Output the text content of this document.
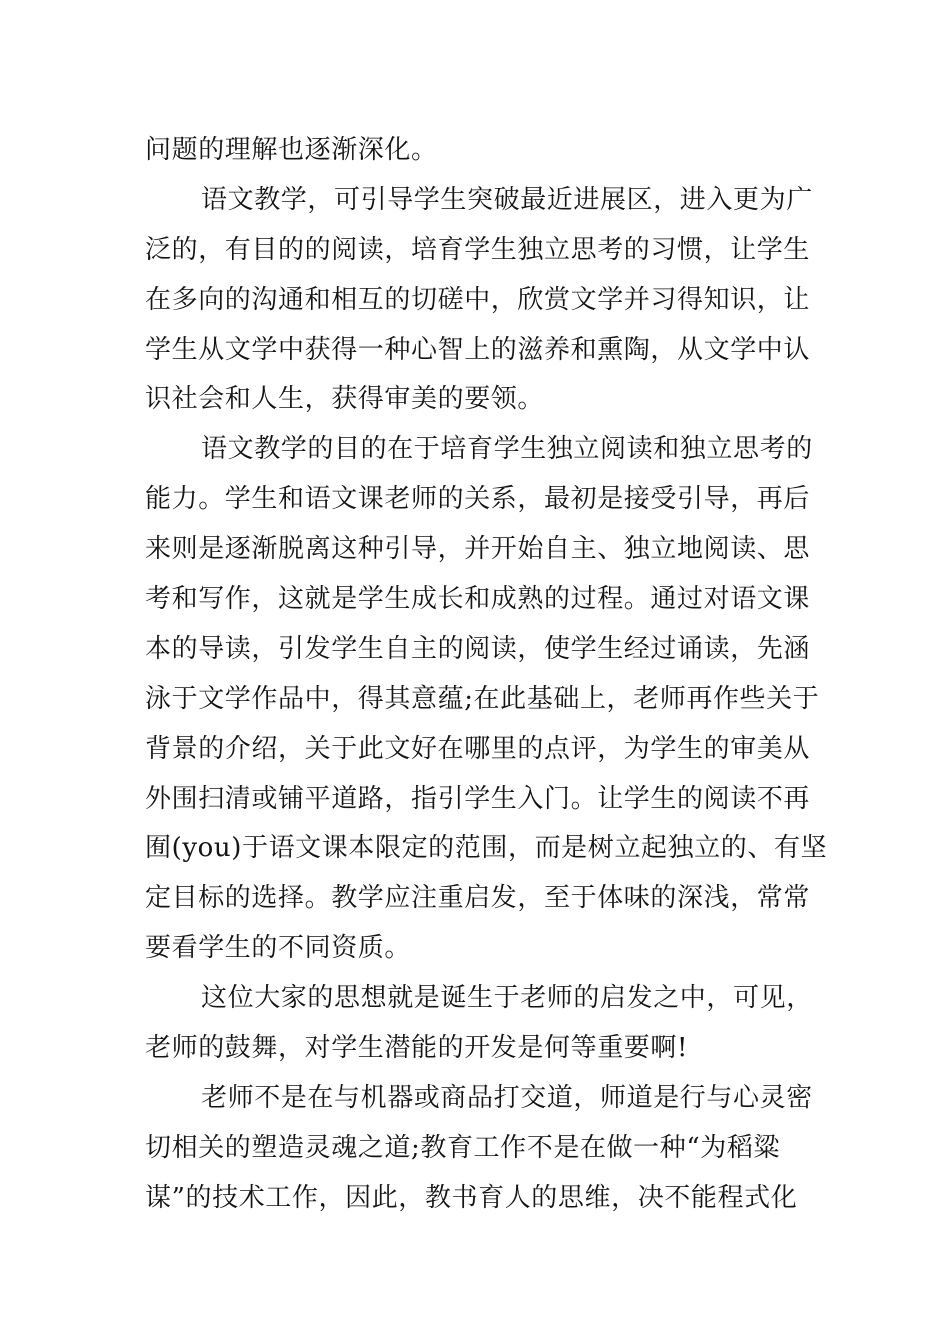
问题的理解也逐渐深化。
语文教学，可引导学生突破最近进展区，进入更为广
泛的，有目的的阅读，培育学生独立思考的习惯，让学生
在多向的沟通和相互的切磋中，欣赏文学并习得知识，让
学生从文学中获得一种心智上的滋养和熏陶，从文学中认
识社会和人生，获得审美的要领。
语文教学的目的在于培育学生独立阅读和独立思考的
能力。学生和语文课老师的关系，最初是接受引导，再后
来则是逐渐脱离这种引导，并开始自主、独立地阅读、思
考和写作，这就是学生成长和成熟的过程。通过对语文课
本的导读，引发学生自主的阅读，使学生经过诵读，先涵
泳于文学作品中，得其意蕴;在此基础上，老师再作些关于
背景的介绍，关于此文好在哪里的点评，为学生的审美从
外围扫清或铺平道路，指引学生入门。让学生的阅读不再
囿(you)于语文课本限定的范围，而是树立起独立的、有坚
定目标的选择。教学应注重启发，至于体味的深浅，常常
要看学生的不同资质。
这位大家的思想就是诞生于老师的启发之中，可见，
老师的鼓舞，对学生潜能的开发是何等重要啊!
老师不是在与机器或商品打交道，师道是行与心灵密
切相关的塑造灵魂之道;教育工作不是在做一种“为稻粱
谋”的技术工作，因此，教书育人的思维，决不能程式化
